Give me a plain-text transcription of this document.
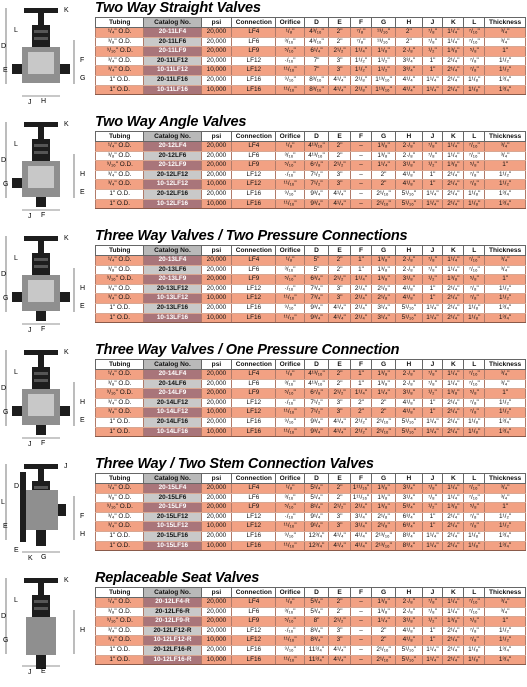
K
D
L
J
F
E
H
G
Two Way Straight Valves
Tubing	Catalog No.	psi	Connection	Orifice	D	E	F	G	H	J	K	L	Thickness
¹/₄" O.D.	20-11LF4	20,000	LF4	¹/₈"	4³/₁₆"	2"	⁷/₈"	¹³/₁₆"	2"	⁷/₈"	1¹/₄"	⁷/₁₆"	³/₄"
³/₈" O.D.	20-11LF6	20,000	LF6	³/₁₆"	4³/₁₆"	2"	⁷/₈"	¹³/₁₆"	2"	⁷/₈"	1¹/₄"	⁷/₁₆"	³/₄"
⁹/₁₆" O.D.	20-11LF9	20,000	LF9	⁵/₁₆"	6¹/₄"	2¹/₂"	1¹/₄"	1¹/₈"	2·/₈"	¹/₂"	1³/₈"	⁵/₈"	1"
³/₄" O.D.	20-11LF12	20,000	LF12	·/₁₆"	7"	3"	1¹/₂"	1¹/₂"	3³/₄"	1"	2¹/₄"	⁷/₈"	1¹/₂"
³/₄" O.D.	10-11LF12	10,000	LF12	¹¹/₁₆"	7"	3"	1¹/₂"	1¹/₂"	3³/₄"	1"	2¹/₄"	⁷/₈"	1¹/₂"
1" O.D.	20-11LF16	20,000	LF16	⁹/₁₆"	8³/₁₆"	4¹/₄"	2¹/₈"	1¹³/₁₆"	4¹/₄"	1¹/₄"	2¹/₄"	1¹/₈"	1³/₄"
1" O.D.	10-11LF16	10,000	LF16	¹¹/₁₆"	8³/₁₆"	4¹/₄"	2¹/₈"	1¹³/₁₆"	4¹/₄"	1¹/₄"	2¹/₄"	1¹/₈"	1³/₄"
K
D
L
J
H
G
F
E
Two Way Angle Valves
Tubing	Catalog No.	psi	Connection	Orifice	D	E	F	G	H	J	K	L	Thickness
¹/₄" O.D.	20-12LF4	20,000	LF4	¹/₈"	4¹³/₁₆"	2"	–	1³/₈"	2·/₈"	⁷/₈"	1¹/₄"	⁷/₁₆"	³/₄"
³/₈" O.D.	20-12LF6	20,000	LF6	³/₁₆"	4¹³/₁₆"	2"	–	1³/₈"	2·/₈"	⁷/₈"	1¹/₄"	⁷/₁₆"	³/₄"
⁹/₁₆" O.D.	20-12LF9	20,000	LF9	⁵/₁₆"	6⁷/₈"	2¹/₂"	–	1¹/₄"	3¹/₈"	¹/₂"	1³/₈"	⁵/₈"	1"
³/₄" O.D.	20-12LF12	20,000	LF12	·/₁₆"	7¹/₂"	3"	–	2"	4¹/₈"	1"	2¹/₄"	⁷/₈"	1¹/₂"
³/₄" O.D.	10-12LF12	10,000	LF12	¹¹/₁₆"	7¹/₂"	3"	–	2"	4¹/₈"	1"	2¹/₄"	⁷/₈"	1¹/₂"
1" O.D.	20-12LF16	20,000	LF16	⁹/₁₆"	9³/₄"	4¹/₄"	–	2¹/₁₆"	5¹/₁₆"	1¹/₄"	2¹/₄"	1¹/₈"	1³/₄"
1" O.D.	10-12LF16	10,000	LF16	¹¹/₁₆"	9³/₄"	4¹/₄"	–	2¹/₁₆"	5¹/₁₆"	1¹/₄"	2¹/₄"	1¹/₈"	1³/₄"
K
D
L
J
H
G
F
E
Three Way Valves / Two Pressure Connections
Tubing	Catalog No.	psi	Connection	Orifice	D	E	F	G	H	J	K	L	Thickness
¹/₄" O.D.	20-13LF4	20,000	LF4	¹/₈"	5"	2"	1"	1³/₈"	2·/₈"	⁷/₈"	1¹/₄"	⁷/₁₆"	³/₄"
³/₈" O.D.	20-13LF6	20,000	LF6	³/₁₆"	5"	2"	1"	1³/₈"	2·/₈"	⁷/₈"	1¹/₄"	⁷/₁₆"	³/₄"
⁹/₁₆" O.D.	20-13LF9	20,000	LF9	⁵/₁₆"	6³/₄"	2¹/₂"	1¹/₄"	1³/₈"	3¹/₈"	¹/₂"	1³/₈"	⁵/₈"	1"
³/₄" O.D.	20-13LF12	20,000	LF12	·/₁₆"	7³/₄"	3"	2¹/₄"	2¹/₈"	4¹/₈"	1"	2¹/₄"	⁷/₈"	1¹/₂"
³/₄" O.D.	10-13LF12	10,000	LF12	¹¹/₁₆"	7³/₄"	3"	2¹/₄"	2¹/₈"	4¹/₈"	1"	2¹/₄"	⁷/₈"	1¹/₂"
1" O.D.	20-13LF16	20,000	LF16	⁹/₁₆"	9³/₄"	4¹/₄"	2¹/₄"	3¹/₄"	5¹/₁₆"	1¹/₄"	2¹/₄"	1¹/₈"	1³/₄"
1" O.D.	10-13LF16	10,000	LF16	¹¹/₁₆"	9³/₄"	4¹/₄"	2¹/₄"	3¹/₄"	5¹/₁₆"	1¹/₄"	2¹/₄"	1¹/₈"	1³/₄"
K
D
L
J
H
G
F
E
Three Way Valves / One Pressure Connection
Tubing	Catalog No.	psi	Connection	Orifice	D	E	F	G	H	J	K	L	Thickness
¹/₄" O.D.	20-14LF4	20,000	LF4	¹/₈"	4¹³/₁₆"	2"	1"	1³/₈"	2·/₈"	⁷/₈"	1¹/₄"	⁷/₁₆"	³/₄"
³/₈" O.D.	20-14LF6	20,000	LF6	³/₁₆"	4¹³/₁₆"	2"	1"	1³/₈"	2·/₈"	⁷/₈"	1¹/₄"	⁷/₁₆"	³/₄"
⁹/₁₆" O.D.	20-14LF9	20,000	LF9	⁵/₁₆"	6⁷/₈"	2¹/₂"	1¹/₄"	1¹/₄"	3¹/₈"	¹/₂"	1³/₈"	⁵/₈"	1"
³/₄" O.D.	20-14LF12	20,000	LF12	·/₁₆"	7¹/₂"	3"	2"	2"	4¹/₈"	1"	2¹/₄"	⁷/₈"	1¹/₂"
³/₄" O.D.	10-14LF12	10,000	LF12	¹¹/₁₆"	7¹/₂"	3"	2"	2"	4¹/₈"	1"	2¹/₄"	⁷/₈"	1¹/₂"
1" O.D.	20-14LF16	20,000	LF16	⁹/₁₆"	9³/₄"	4¹/₄"	2¹/₂"	2¹/₁₆"	5¹/₁₆"	1¹/₄"	2¹/₄"	1¹/₈"	1³/₄"
1" O.D.	10-14LF16	10,000	LF16	¹¹/₁₆"	9³/₄"	4¹/₄"	2¹/₂"	2¹/₁₆"	5¹/₁₆"	1¹/₄"	2¹/₄"	1¹/₈"	1³/₄"
J
L
D
K
F
E
G
H
E
Three Way / Two Stem Connection Valves
Tubing	Catalog No.	psi	Connection	Orifice	D	E	F	G	H	J	K	L	Thickness
¹/₄" O.D.	20-15LF4	20,000	LF4	¹/₈"	5¹/₄"	2"	1¹¹/₁₆"	1³/₈"	3¹/₄"	⁷/₈"	1¹/₄"	⁷/₁₆"	³/₄"
³/₈" O.D.	20-15LF6	20,000	LF6	³/₁₆"	5¹/₄"	2"	1¹¹/₁₆"	1³/₈"	3¹/₄"	⁷/₈"	1¹/₄"	⁷/₁₆"	³/₄"
⁹/₁₆" O.D.	20-15LF9	20,000	LF9	⁵/₁₆"	8¹/₄"	2¹/₂"	2¹/₄"	1³/₈"	5³/₄"	¹/₂"	1³/₈"	⁵/₈"	1"
³/₄" O.D.	20-15LF12	20,000	LF12	·/₁₆"	9¹/₄"	3"	3¹/₄"	2¹/₈"	6³/₄"	1"	2¹/₄"	⁷/₈"	1¹/₂"
³/₄" O.D.	10-15LF12	10,000	LF12	¹¹/₁₆"	9¹/₄"	3"	3¹/₄"	2¹/₈"	6³/₄"	1"	2¹/₄"	⁷/₈"	1¹/₂"
1" O.D.	20-15LF16	20,000	LF16	⁹/₁₆"	12³/₄"	4¹/₄"	4¹/₄"	2¹³/₁₆"	8³/₄"	1¹/₄"	2¹/₄"	1¹/₈"	1³/₄"
1" O.D.	10-15LF16	10,000	LF16	¹¹/₁₆"	12³/₄"	4¹/₄"	4¹/₄"	2¹³/₁₆"	8³/₄"	1¹/₄"	2¹/₄"	1¹/₈"	1³/₄"
K
D
L
J
H
G
E
Replaceable Seat Valves
Tubing	Catalog No.	psi	Connection	Orifice	D	E	F	G	H	J	K	L	Thickness
¹/₄" O.D.	20-12LF4-R	20,000	LF4	¹/₈"	5³/₄"	2"	–	1³/₈"	2·/₈"	⁷/₈"	1¹/₄"	⁷/₁₆"	³/₄"
³/₈" O.D.	20-12LF6-R	20,000	LF6	³/₁₆"	5³/₄"	2"	–	1³/₈"	2·/₈"	⁷/₈"	1¹/₄"	⁷/₁₆"	³/₄"
⁹/₁₆" O.D.	20-12LF9-R	20,000	LF9	⁵/₁₆"	8"	2¹/₂"	–	1¹/₄"	3¹/₈"	¹/₂"	1³/₈"	⁵/₈"	1"
³/₄" O.D.	20-12LF12-R	20,000	LF12	·/₁₆"	8³/₄"	3"	–	2"	4¹/₈"	1"	2¹/₄"	⁷/₈"	1¹/₂"
³/₄" O.D.	10-12LF12-R	10,000	LF12	¹¹/₁₆"	8³/₄"	3"	–	2"	4¹/₈"	1"	2¹/₄"	⁷/₈"	1¹/₂"
1" O.D.	20-12LF16-R	20,000	LF16	⁹/₁₆"	11³/₄"	4¹/₄"	–	2¹/₁₆"	5¹/₁₆"	1¹/₄"	2¹/₄"	1¹/₈"	1³/₄"
1" O.D.	10-12LF16-R	10,000	LF16	¹¹/₁₆"	11³/₄"	4¹/₄"	–	2¹/₁₆"	5¹/₁₆"	1¹/₄"	2¹/₄"	1¹/₈"	1³/₄"
